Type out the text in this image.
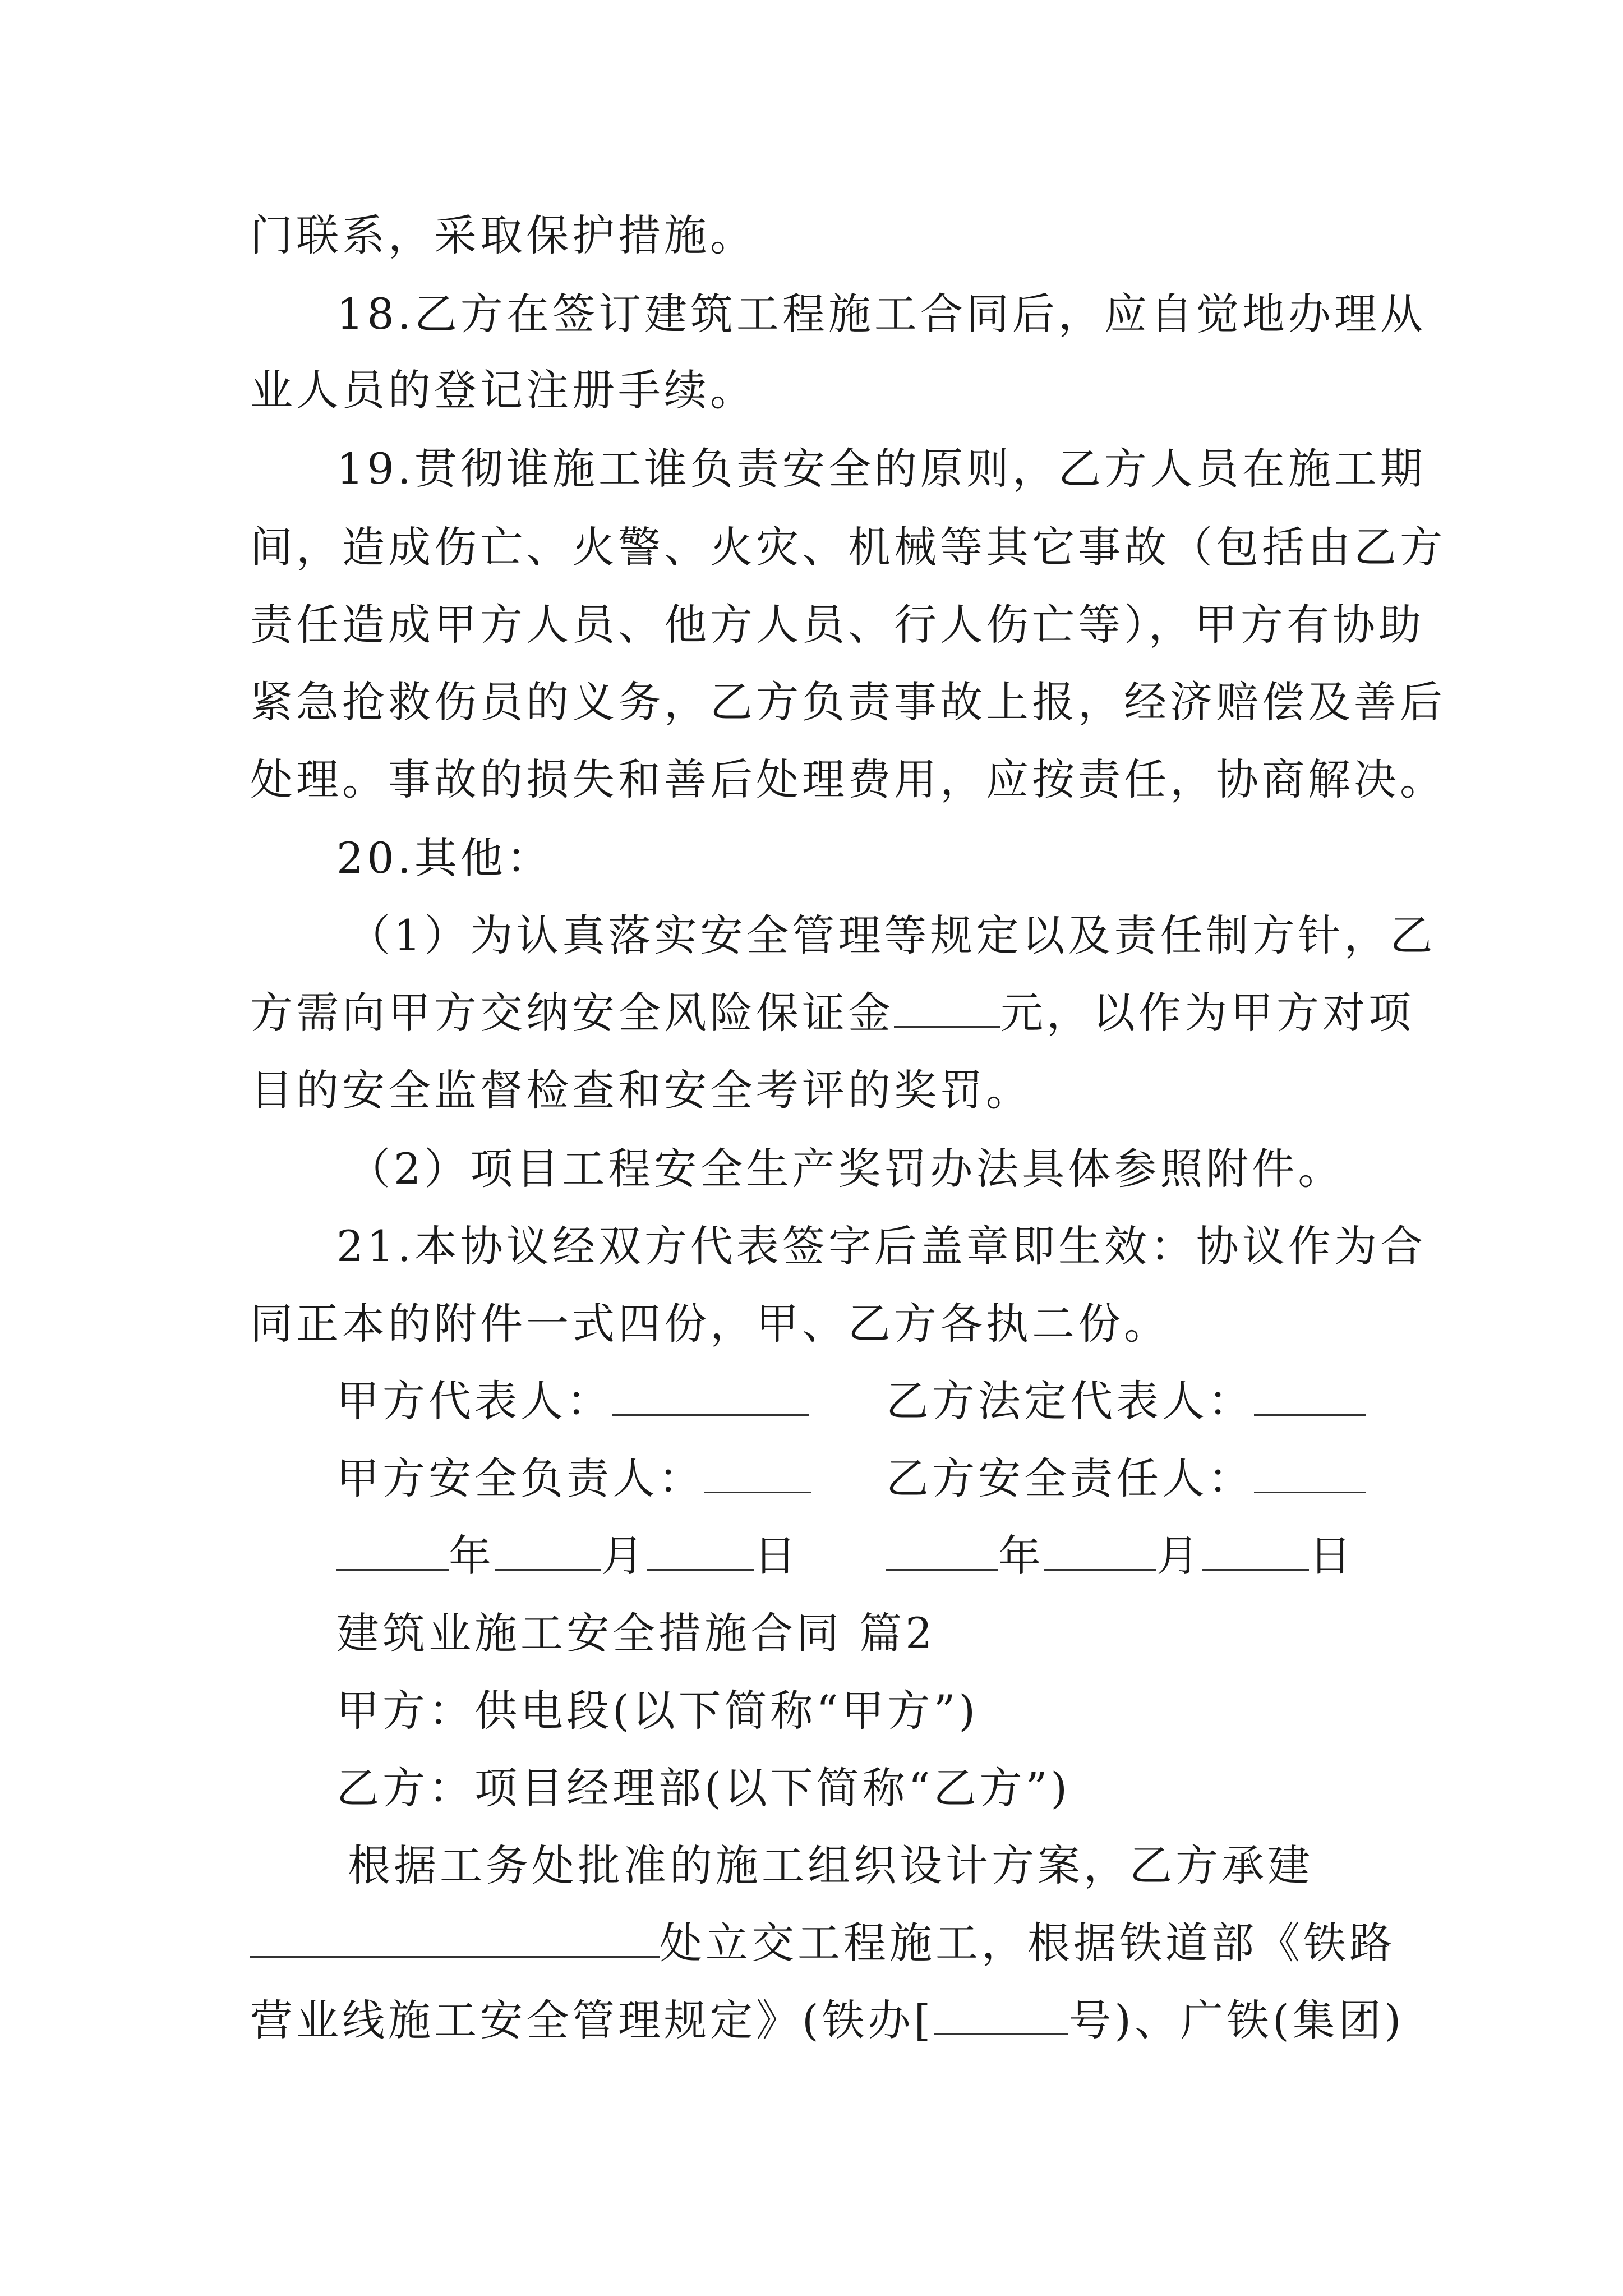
门联系，采取保护措施。

18.乙方在签订建筑工程施工合同后，应自觉地办理从

业人员的登记注册手续。

19.贯彻谁施工谁负责安全的原则，乙方人员在施工期

间，造成伤亡、火警、火灾、机械等其它事故（包括由乙方

责任造成甲方人员、他方人员、行人伤亡等），甲方有协助

紧急抢救伤员的义务，乙方负责事故上报，经济赔偿及善后

处理。事故的损失和善后处理费用，应按责任，协商解决。

20.其他：

（1）为认真落实安全管理等规定以及责任制方针，乙

方需向甲方交纳安全风险保证金	元，以作为甲方对项

目的安全监督检查和安全考评的奖罚。

（2）项目工程安全生产奖罚办法具体参照附件。

21.本协议经双方代表签字后盖章即生效：协议作为合

同正本的附件一式四份，甲、乙方各执二份。

甲方代表人：	乙方法定代表人：

甲方安全负责人：	乙方安全责任人：

年	月	日	年	月	日

建筑业施工安全措施合同 篇2

甲方：供电段(以下简称“甲方”)

乙方：项目经理部(以下简称“乙方”)

根据工务处批准的施工组织设计方案，乙方承建

处立交工程施工，根据铁道部《铁路

营业线施工安全管理规定》(铁办[	号)、广铁(集团)
